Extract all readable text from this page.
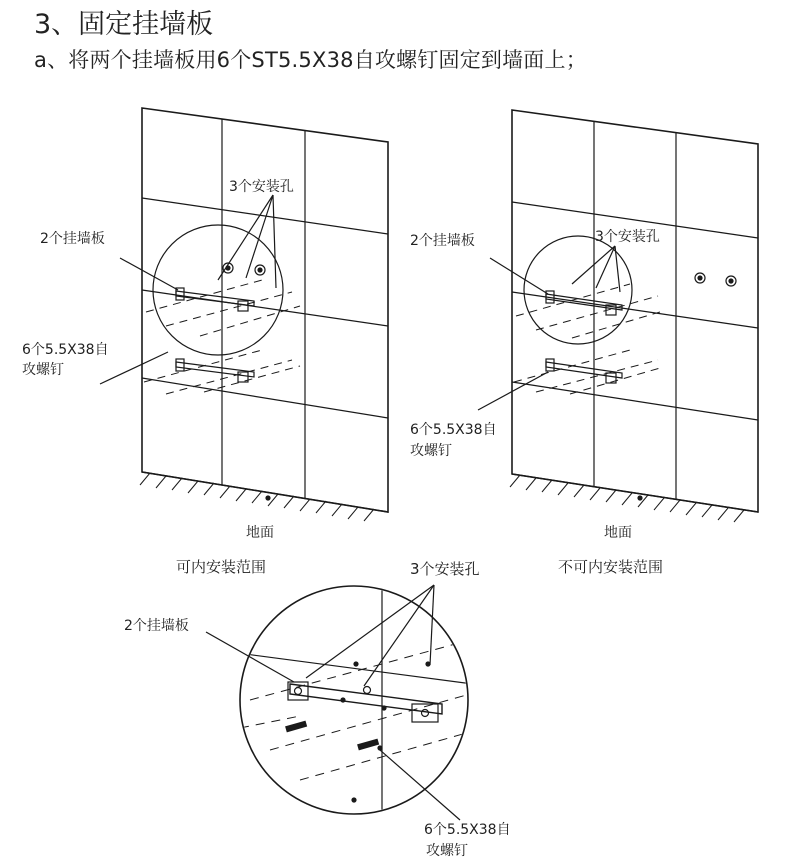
3、固定挂墙板
a、将两个挂墙板用6个ST5.5X38自攻螺钉固定到墙面上；
3个安装孔
2个挂墙板
6个5.5X38自
攻螺钉
地面
可内安装范围
3个安装孔
2个挂墙板
6个5.5X38自
攻螺钉
地面
不可内安装范围
3个安装孔
2个挂墙板
6个5.5X38自
攻螺钉
